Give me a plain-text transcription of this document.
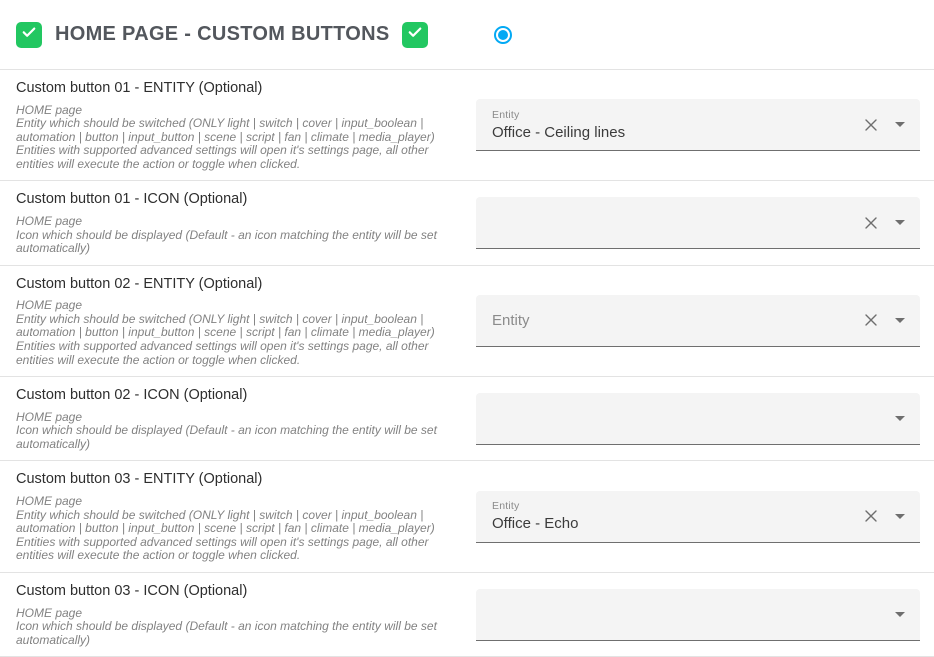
HOME PAGE - CUSTOM BUTTONS
Custom button 01 - ENTITY (Optional)
HOME page
Entity which should be switched (ONLY light | switch | cover | input_boolean | automation | button | input_button | scene | script | fan | climate | media_player)
Entities with supported advanced settings will open it's settings page, all other entities will execute the action or toggle when clicked.
Entity
Office - Ceiling lines
Custom button 01 - ICON (Optional)
HOME page
Icon which should be displayed (Default - an icon matching the entity will be set automatically)
Custom button 02 - ENTITY (Optional)
HOME page
Entity which should be switched (ONLY light | switch | cover | input_boolean | automation | button | input_button | scene | script | fan | climate | media_player)
Entities with supported advanced settings will open it's settings page, all other entities will execute the action or toggle when clicked.
Entity
Custom button 02 - ICON (Optional)
HOME page
Icon which should be displayed (Default - an icon matching the entity will be set automatically)
Custom button 03 - ENTITY (Optional)
HOME page
Entity which should be switched (ONLY light | switch | cover | input_boolean | automation | button | input_button | scene | script | fan | climate | media_player)
Entities with supported advanced settings will open it's settings page, all other entities will execute the action or toggle when clicked.
Entity
Office - Echo
Custom button 03 - ICON (Optional)
HOME page
Icon which should be displayed (Default - an icon matching the entity will be set automatically)
